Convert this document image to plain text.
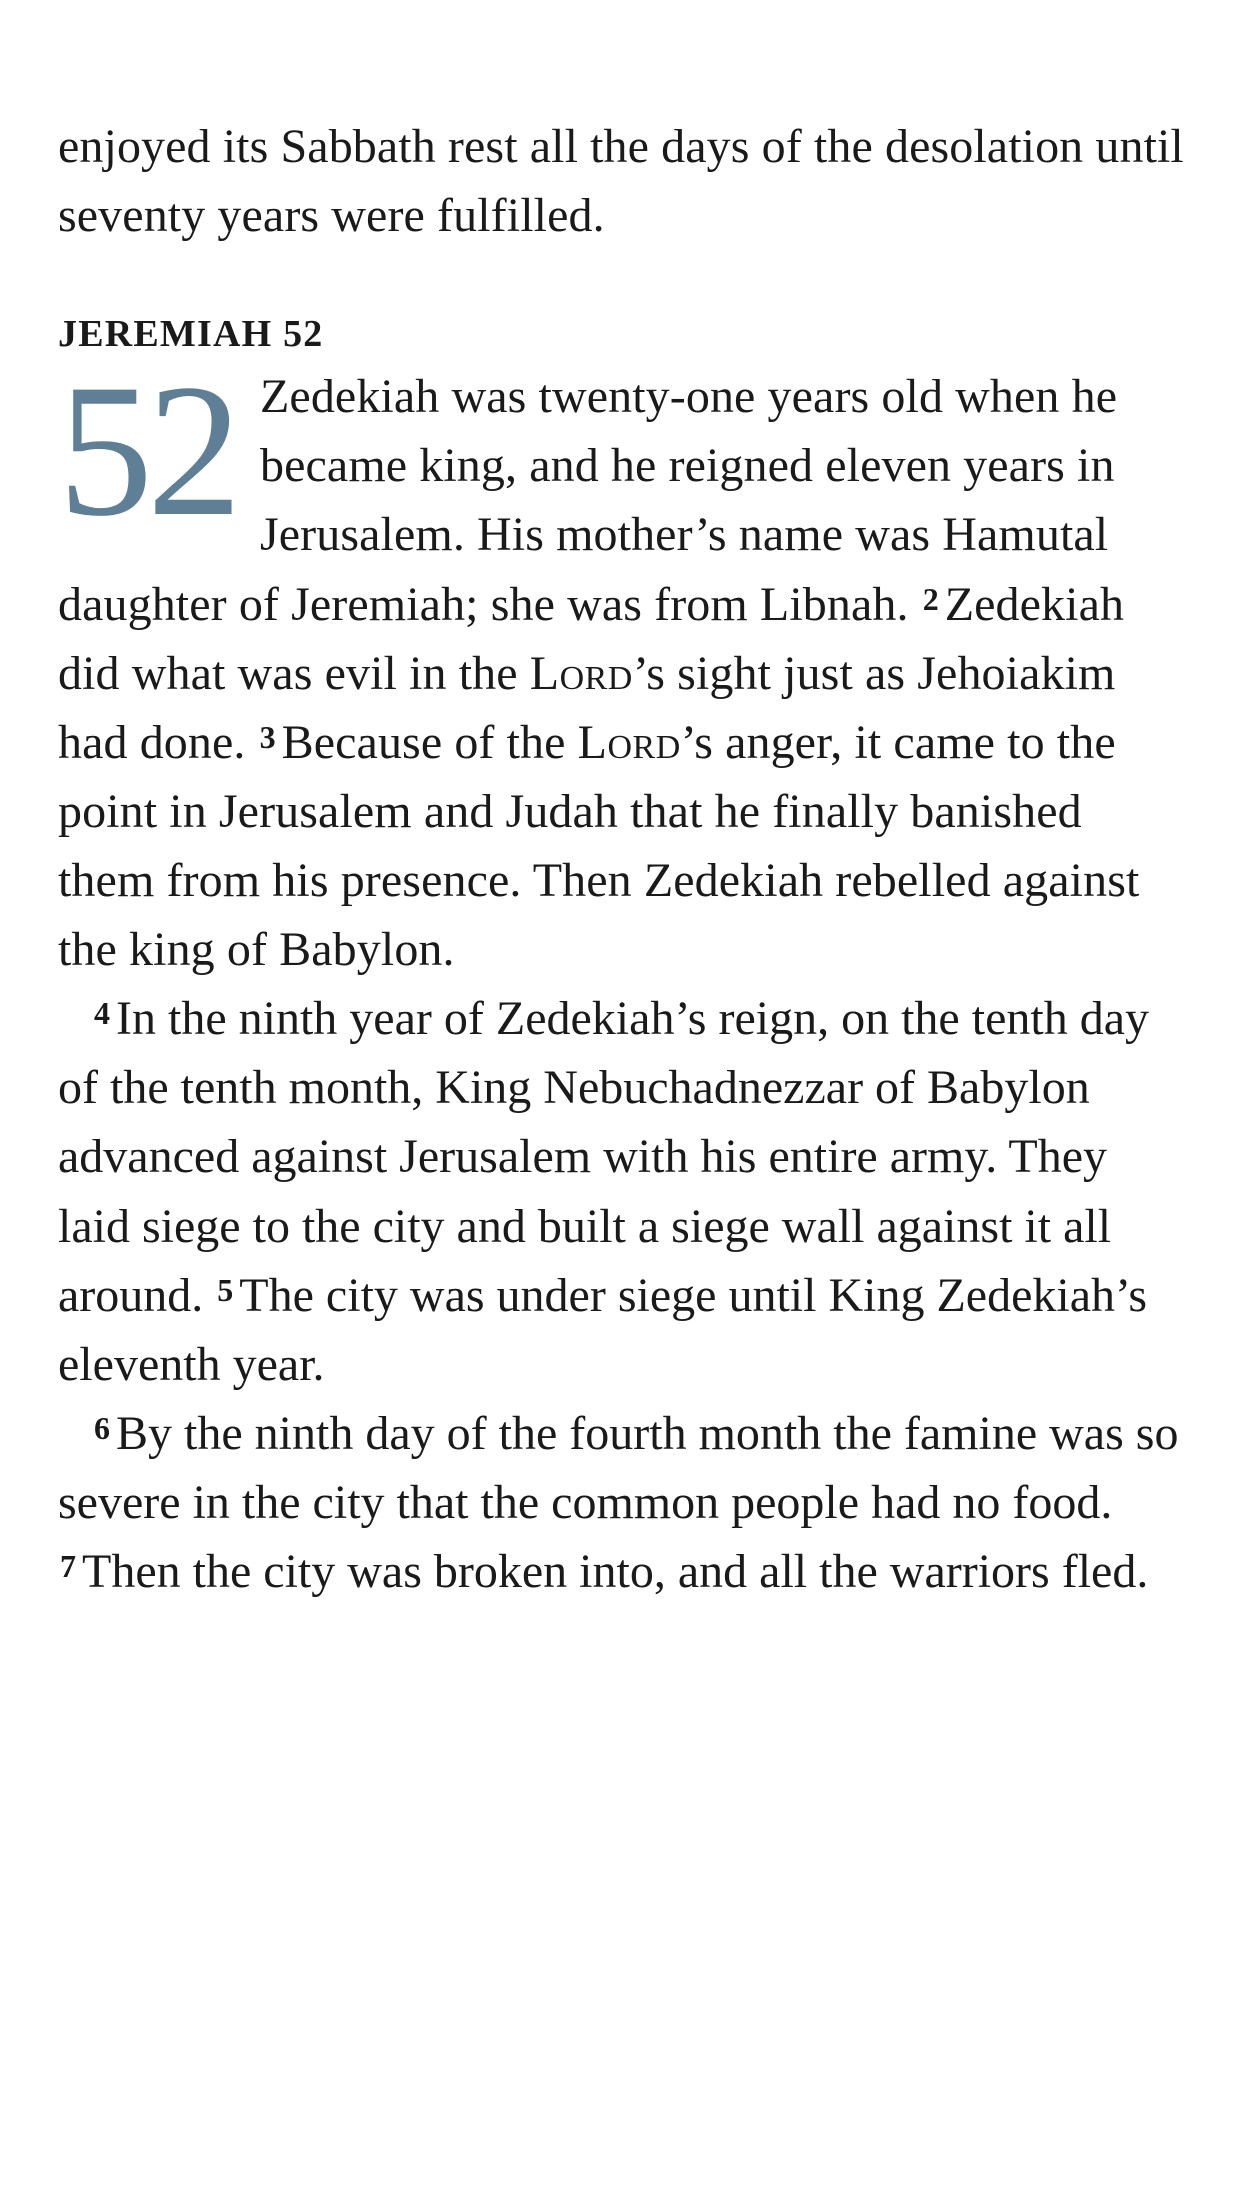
enjoyed its Sabbath rest all the days of the desolation until seventy years were fulfilled.

JEREMIAH 52
52 Zedekiah was twenty-one years old when he became king, and he reigned eleven years in Jerusalem. His mother’s name was Hamutal daughter of Jeremiah; she was from Libnah. $^2$ Zedekiah did what was evil in the Lord’s sight just as Jehoiakim had done. $^3$ Because of the Lord’s anger, it came to the point in Jerusalem and Judah that he finally banished them from his presence. Then Zedekiah rebelled against the king of Babylon.

$^4$ In the ninth year of Zedekiah’s reign, on the tenth day of the tenth month, King Nebuchadnezzar of Babylon advanced against Jerusalem with his entire army. They laid siege to the city and built a siege wall against it all around. $^5$ The city was under siege until King Zedekiah’s eleventh year.

$^6$ By the ninth day of the fourth month the famine was so severe in the city that the common people had no food. $^7$ Then the city was broken into, and all the warriors fled.
